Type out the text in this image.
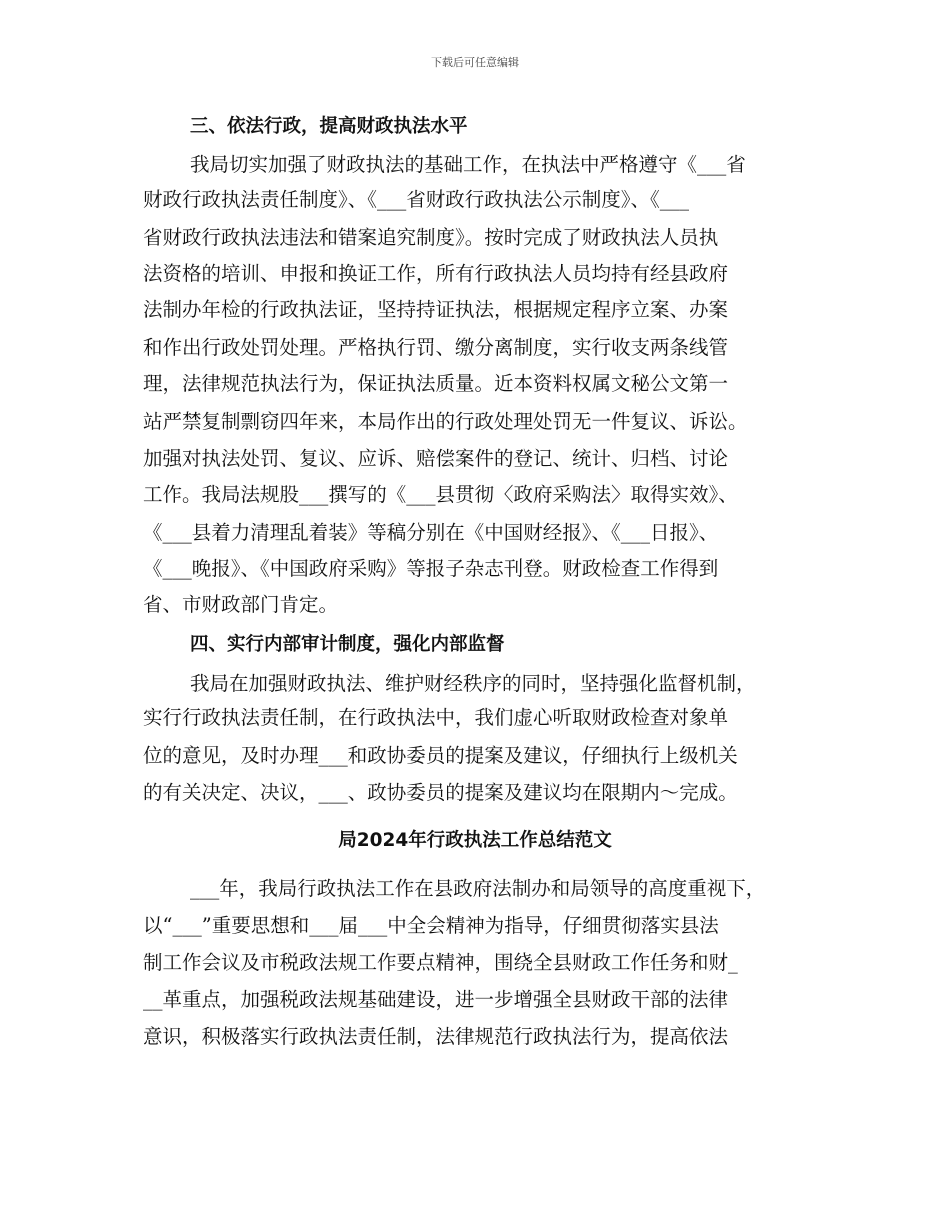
下载后可任意编辑
三、依法行政，提高财政执法水平
我局切实加强了财政执法的基础工作，在执法中严格遵守《___省
财政行政执法责任制度》、《___省财政行政执法公示制度》、《___
省财政行政执法违法和错案追究制度》。按时完成了财政执法人员执
法资格的培训、申报和换证工作，所有行政执法人员均持有经县政府
法制办年检的行政执法证，坚持持证执法，根据规定程序立案、办案
和作出行政处罚处理。严格执行罚、缴分离制度，实行收支两条线管
理，法律规范执法行为，保证执法质量。近本资料权属文秘公文第一
站严禁复制剽窃四年来，本局作出的行政处理处罚无一件复议、诉讼。
加强对执法处罚、复议、应诉、赔偿案件的登记、统计、归档、讨论
工作。我局法规股___撰写的《___县贯彻〈政府采购法〉取得实效》、
《___县着力清理乱着装》等稿分别在《中国财经报》、《___日报》、
《___晚报》、《中国政府采购》等报子杂志刊登。财政检查工作得到
省、市财政部门肯定。
四、实行内部审计制度，强化内部监督
我局在加强财政执法、维护财经秩序的同时，坚持强化监督机制，
实行行政执法责任制，在行政执法中，我们虚心听取财政检查对象单
位的意见，及时办理___和政协委员的提案及建议，仔细执行上级机关
的有关决定、决议，___、政协委员的提案及建议均在限期内～完成。
局2024年行政执法工作总结范文
___年，我局行政执法工作在县政府法制办和局领导的高度重视下，
以“___”重要思想和___届___中全会精神为指导，仔细贯彻落实县法
制工作会议及市税政法规工作要点精神，围绕全县财政工作任务和财_
__革重点，加强税政法规基础建设，进一步增强全县财政干部的法律
意识，积极落实行政执法责任制，法律规范行政执法行为，提高依法
